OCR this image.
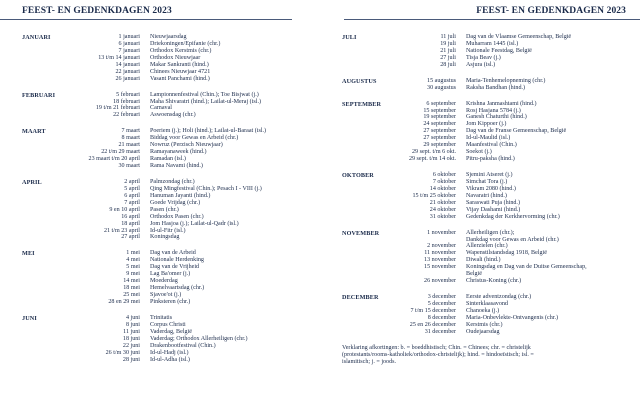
FEEST- EN GEDENKDAGEN 2023
JANUARI	1 januari Nieuwjaarsdag
6 januari Driekoningen/Epifanie (chr.)
7 januari Orthodox Kerstmis (chr.)
13 t/m 14 januari Orthodox Nieuwjaar
14 januari Makar Sankranti (hind.)
22 januari Chinees Nieuwjaar 4721
26 januari Vasant Panchami (hind.)
FEBRUARI	5 februari Lampionnenfestival (Chin.); Toe Bisjwat (j.)
18 februari Maha Shivaratri (hind.); Lailat-ul-Meraj (isl.)
19 t/m 21 februari Carnaval
22 februari Aswoensdag (chr.)
MAART	7 maart Poeriem (j.); Holi (hind.); Lailat-ul-Baraat (isl.)
8 maart Biddag voor Gewas en Arbeid (chr.)
21 maart Nowruz (Perzisch Nieuwjaar)
22 t/m 29 maart Ramayanaweek (hind.)
23 maart t/m 20 april Ramadan (isl.)
30 maart Rama Navami (hind.)
APRIL	2 april Palmzondag (chr.)
5 april Qing Mingfestival (Chin.); Pesach I - VIII (j.)
6 april Hanuman Jayanti (hind.)
7 april Goede Vrijdag (chr.)
9 en 10 april Pasen (chr.)
16 april Orthodox Pasen (chr.)
18 april Jom Hasjoa (j.); Lailat-ul-Qadr (isl.)
21 t/m 23 april Id-ul-Fitr (isl.)
27 april Koningsdag
MEI	1 mei Dag van de Arbeid
4 mei Nationale Herdenking
5 mei Dag van de Vrijheid
9 mei Lag Ba'omer (j.)
14 mei Moederdag
18 mei Hemelvaartsdag (chr.)
25 mei Sjavoe'ot (j.)
28 en 29 mei Pinksteren (chr.)
JUNI	4 juni Trinitatis
8 juni Corpus Christi
11 juni Vaderdag, België
18 juni Vaderdag; Orthodox Allerheiligen (chr.)
22 juni Drakenbootfestival (Chin.)
26 t/m 30 juni Id-ul-Hadj (isl.)
28 juni Id-ul-Adha (isl.)
FEEST- EN GEDENKDAGEN 2023
JULI	11 juli Dag van de Vlaamse Gemeenschap, België
19 juli Muharram 1445 (isl.)
21 juli Nationale Feestdag, België
27 juli Tisja Beav (j.)
28 juli Asjura (isl.)
AUGUSTUS	15 augustus Maria-Tenhemelopneming (chr.)
30 augustus Raksha Bandhan (hind.)
SEPTEMBER	6 september Krishna Janmashtami (hind.)
15 september Rosj Hasjana 5784 (j.)
19 september Ganesh Chaturthi (hind.)
24 september Jom Kippoer (j.)
27 september Dag van de Franse Gemeenschap, België
27 september Id-ul-Maulid (isl.)
29 september Maanfestival (Chin.)
29 sept. t/m 6 okt. Soekot (j.)
29 sept. t/m 14 okt. Pitru-paksha (hind.)
OKTOBER	6 oktober Sjemini Atseret (j.)
7 oktober Simchat Tora (j.)
14 oktober Vikram 2080 (hind.)
15 t/m 25 oktober Navaratri (hind.)
21 oktober Saraswati Puja (hind.)
24 oktober Vijay Dashami (hind.)
31 oktober Gedenkdag der Kerkhervorming (chr.)
NOVEMBER	1 november Allerheiligen (chr.);
Dankdag voor Gewas en Arbeid (chr.)
2 november Allerzielen (chr.)
11 november Wapenstilstandsdag 1918, België
13 november Diwali (hind.)
15 november Koningsdag en Dag van de Duitse Gemeenschap,
België
26 november Christus-Koning (chr.)
DECEMBER	3 december Eerste adventzondag (chr.)
5 december Sinterklaasavond
7 t/m 15 december Chanoeka (j.)
8 december Maria-Onbevlekte-Ontvangenis (chr.)
25 en 26 december Kerstmis (chr.)
31 december Oudejaarsdag
Verklaring afkortingen: b. = boeddhistisch; Chin. = Chinees; chr. = christelijk (protestants/rooms-katholiek/orthodox-christelijk); hind. = hindoeïstisch; isl. = islamitisch; j. = joods.
